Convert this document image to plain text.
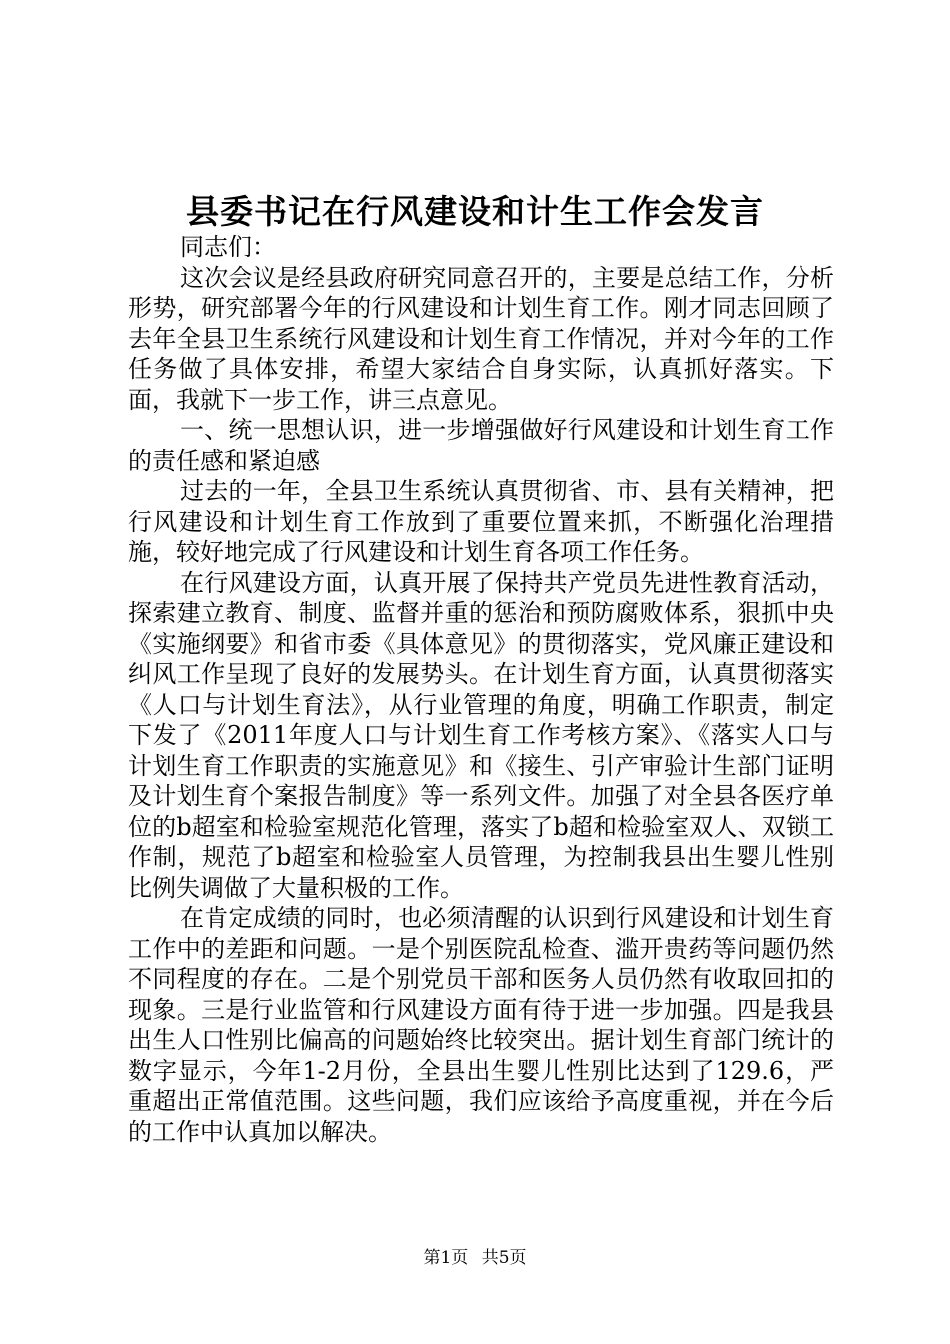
县委书记在行风建设和计生工作会发言

同志们：

这次会议是经县政府研究同意召开的，主要是总结工作，分析形势，研究部署今年的行风建设和计划生育工作。刚才同志回顾了去年全县卫生系统行风建设和计划生育工作情况，并对今年的工作任务做了具体安排，希望大家结合自身实际，认真抓好落实。下面，我就下一步工作，讲三点意见。

一、统一思想认识，进一步增强做好行风建设和计划生育工作的责任感和紧迫感

过去的一年，全县卫生系统认真贯彻省、市、县有关精神，把行风建设和计划生育工作放到了重要位置来抓，不断强化治理措施，较好地完成了行风建设和计划生育各项工作任务。

在行风建设方面，认真开展了保持共产党员先进性教育活动，探索建立教育、制度、监督并重的惩治和预防腐败体系，狠抓中央《实施纲要》和省市委《具体意见》的贯彻落实，党风廉正建设和纠风工作呈现了良好的发展势头。在计划生育方面，认真贯彻落实《人口与计划生育法》，从行业管理的角度，明确工作职责，制定下发了《2011年度人口与计划生育工作考核方案》、《落实人口与计划生育工作职责的实施意见》和《接生、引产审验计生部门证明及计划生育个案报告制度》等一系列文件。加强了对全县各医疗单位的b超室和检验室规范化管理，落实了b超和检验室双人、双锁工作制，规范了b超室和检验室人员管理，为控制我县出生婴儿性别比例失调做了大量积极的工作。

在肯定成绩的同时，也必须清醒的认识到行风建设和计划生育工作中的差距和问题。一是个别医院乱检查、滥开贵药等问题仍然不同程度的存在。二是个别党员干部和医务人员仍然有收取回扣的现象。三是行业监管和行风建设方面有待于进一步加强。四是我县出生人口性别比偏高的问题始终比较突出。据计划生育部门统计的数字显示，今年1-2月份，全县出生婴儿性别比达到了129.6，严重超出正常值范围。这些问题，我们应该给予高度重视，并在今后的工作中认真加以解决。

第1页 共5页
